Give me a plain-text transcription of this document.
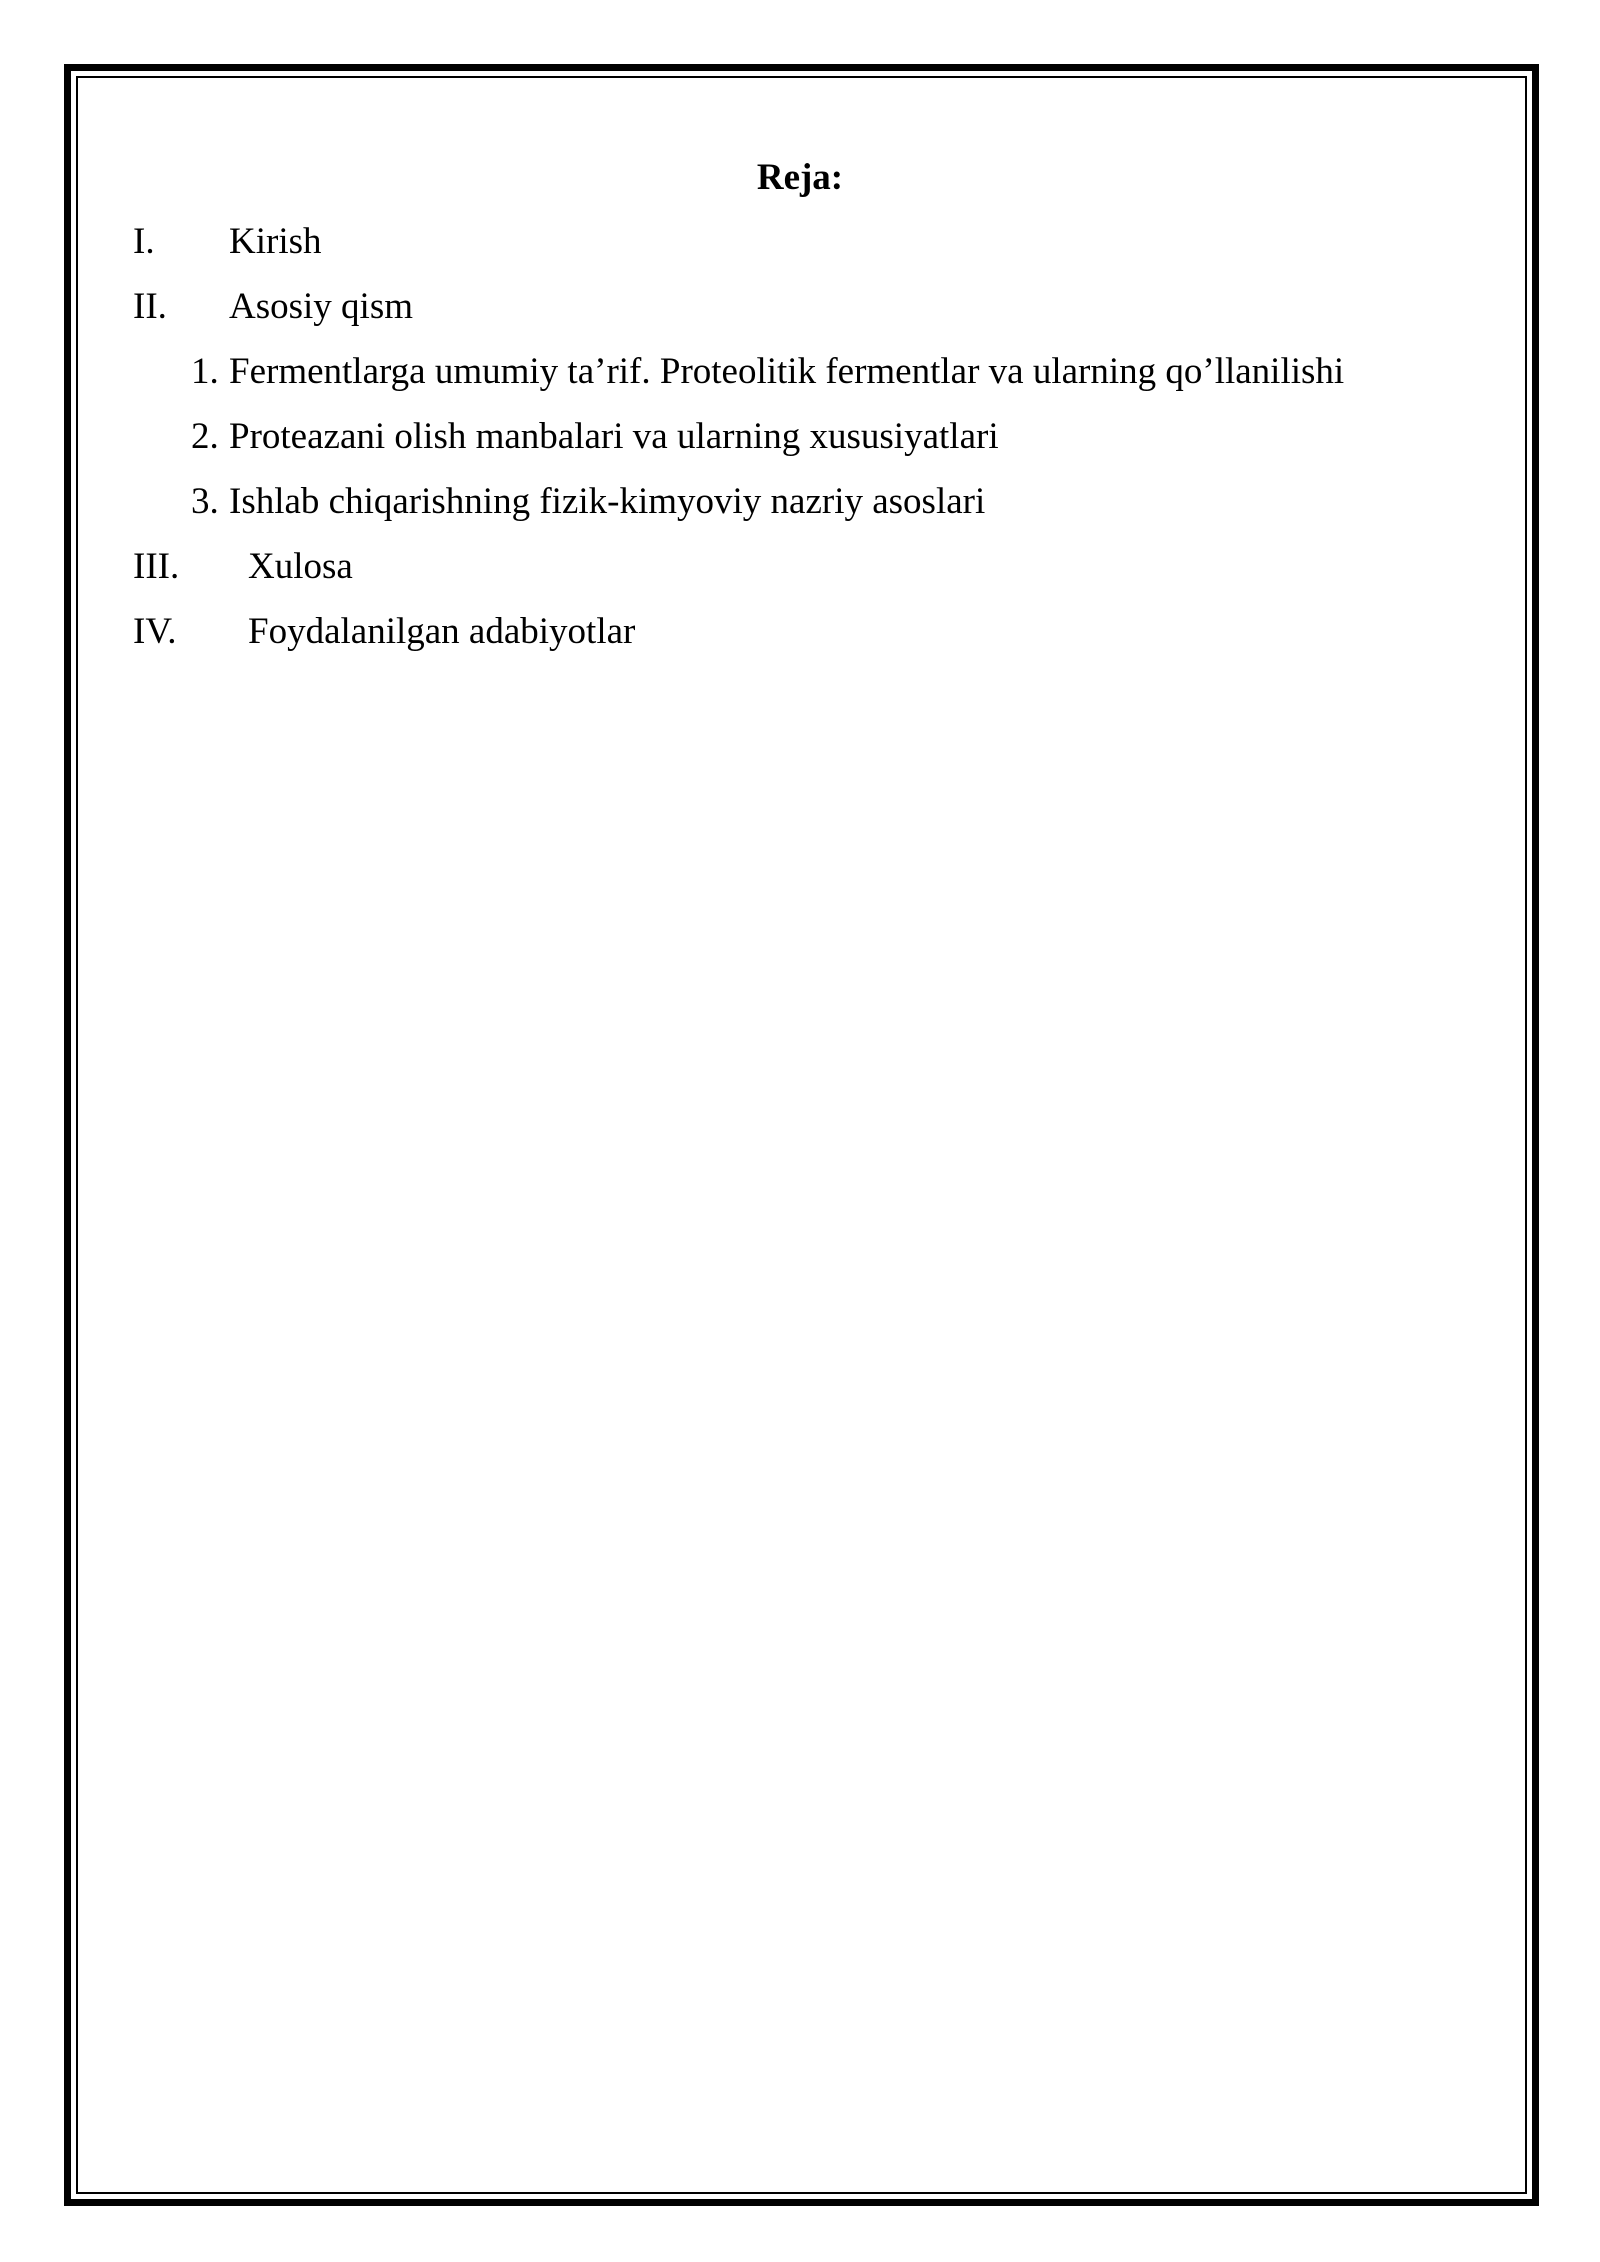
Reja:
I. Kirish
II. Asosiy qism
1. Fermentlarga umumiy ta’rif. Proteolitik fermentlar va ularning qo’llanilishi
2. Proteazani olish manbalari va ularning xususiyatlari
3. Ishlab chiqarishning fizik-kimyoviy nazriy asoslari
III. Xulosa
IV. Foydalanilgan adabiyotlar
